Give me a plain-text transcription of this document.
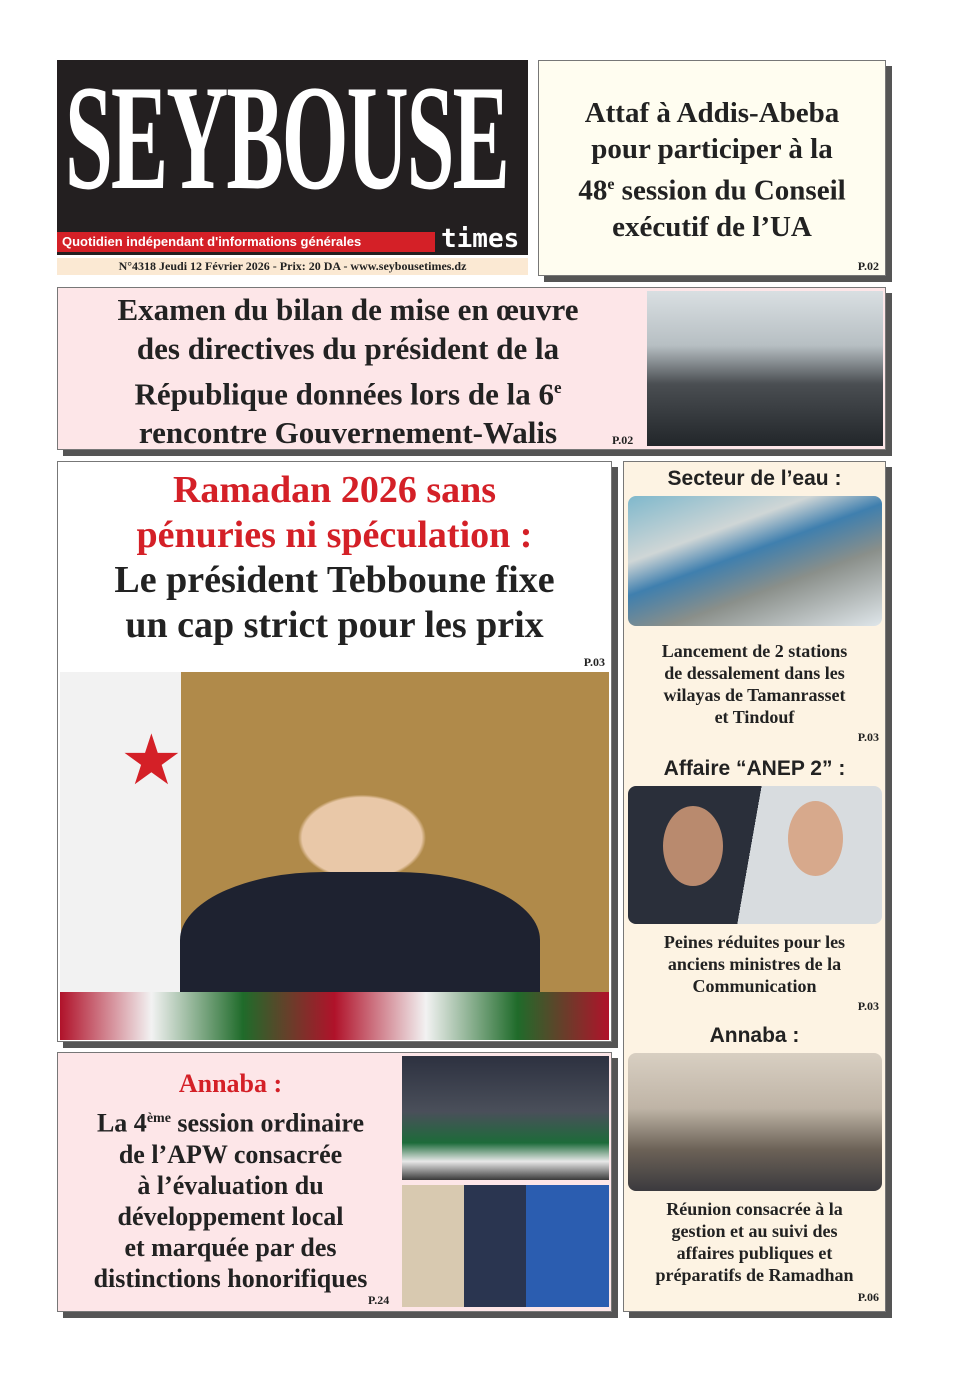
SEYBOUSE
Quotidien indépendant d'informations générales	times
N°4318 Jeudi 12 Février 2026 - Prix: 20 DA - www.seybousetimes.dz
Attaf à Addis-Abeba
pour participer à la
48e session du Conseil
exécutif de l’UA
P.02
Examen du bilan de mise en œuvre
des directives du président de la
République données lors de la 6e
rencontre Gouvernement-Walis	P.02
Ramadan 2026 sans
pénuries ni spéculation :
Le président Tebboune fixe
un cap strict pour les prix
P.03
★
Secteur de l’eau :
Lancement de 2 stations
de dessalement dans les
wilayas de Tamanrasset
et Tindouf
P.03
Affaire “ANEP 2” :
Peines réduites pour les
anciens ministres de la
Communication
P.03
Annaba :
Réunion consacrée à la
gestion et au suivi des
affaires publiques et
préparatifs de Ramadhan
P.06
Annaba :
La 4ème session ordinaire
de l’APW consacrée
à l’évaluation du
développement local
et marquée par des
distinctions honorifiques
P.24
